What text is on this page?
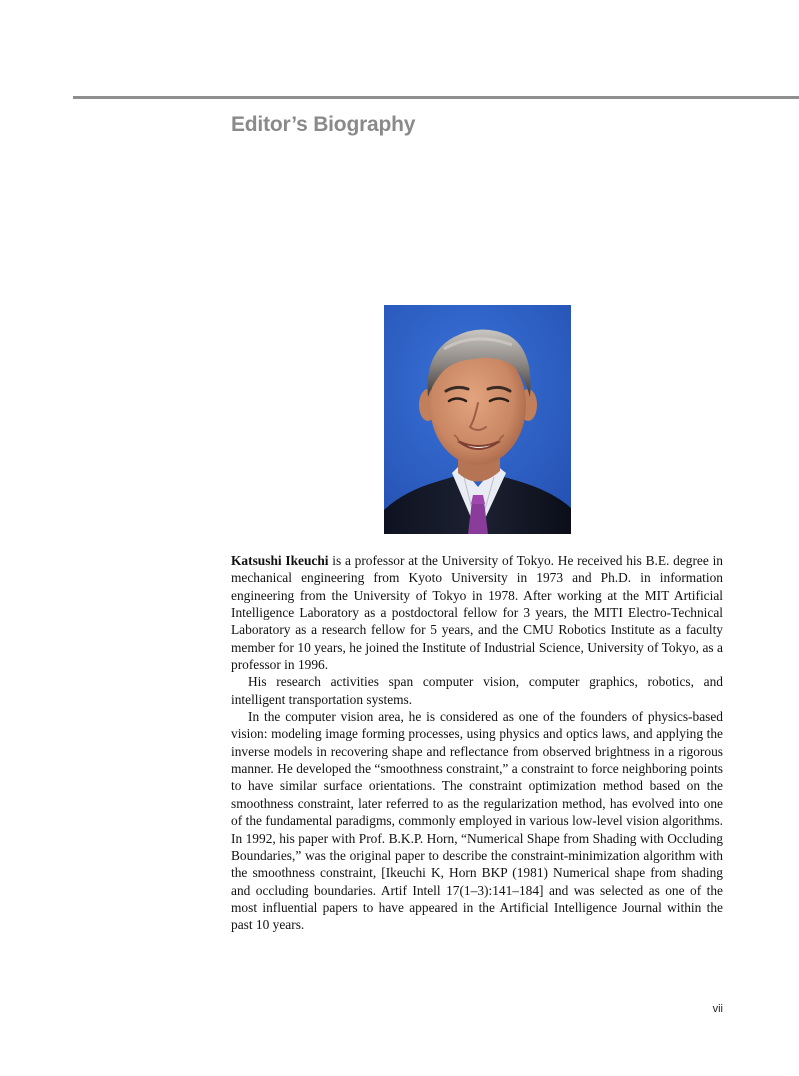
Editor’s Biography

Katsushi Ikeuchi is a professor at the University of Tokyo. He received his B.E. degree in mechanical engineering from Kyoto University in 1973 and Ph.D. in information engineering from the University of Tokyo in 1978. After working at the MIT Artificial Intelligence Laboratory as a postdoctoral fellow for 3 years, the MITI Electro-Technical Laboratory as a research fellow for 5 years, and the CMU Robotics Institute as a faculty member for 10 years, he joined the Institute of Industrial Science, University of Tokyo, as a professor in 1996.

His research activities span computer vision, computer graphics, robotics, and intelligent transportation systems.

In the computer vision area, he is considered as one of the founders of physics-based vision: modeling image forming processes, using physics and optics laws, and applying the inverse models in recovering shape and reflectance from observed brightness in a rigorous manner. He developed the “smoothness constraint,” a constraint to force neighboring points to have similar surface orientations. The constraint optimization method based on the smoothness constraint, later referred to as the regularization method, has evolved into one of the fundamental paradigms, commonly employed in various low-level vision algorithms. In 1992, his paper with Prof. B.K.P. Horn, “Numerical Shape from Shading with Occluding Boundaries,” was the original paper to describe the constraint-minimization algorithm with the smoothness constraint, [Ikeuchi K, Horn BKP (1981) Numerical shape from shading and occluding boundaries. Artif Intell 17(1–3):141–184] and was selected as one of the most influential papers to have appeared in the Artificial Intelligence Journal within the past 10 years.

vii
